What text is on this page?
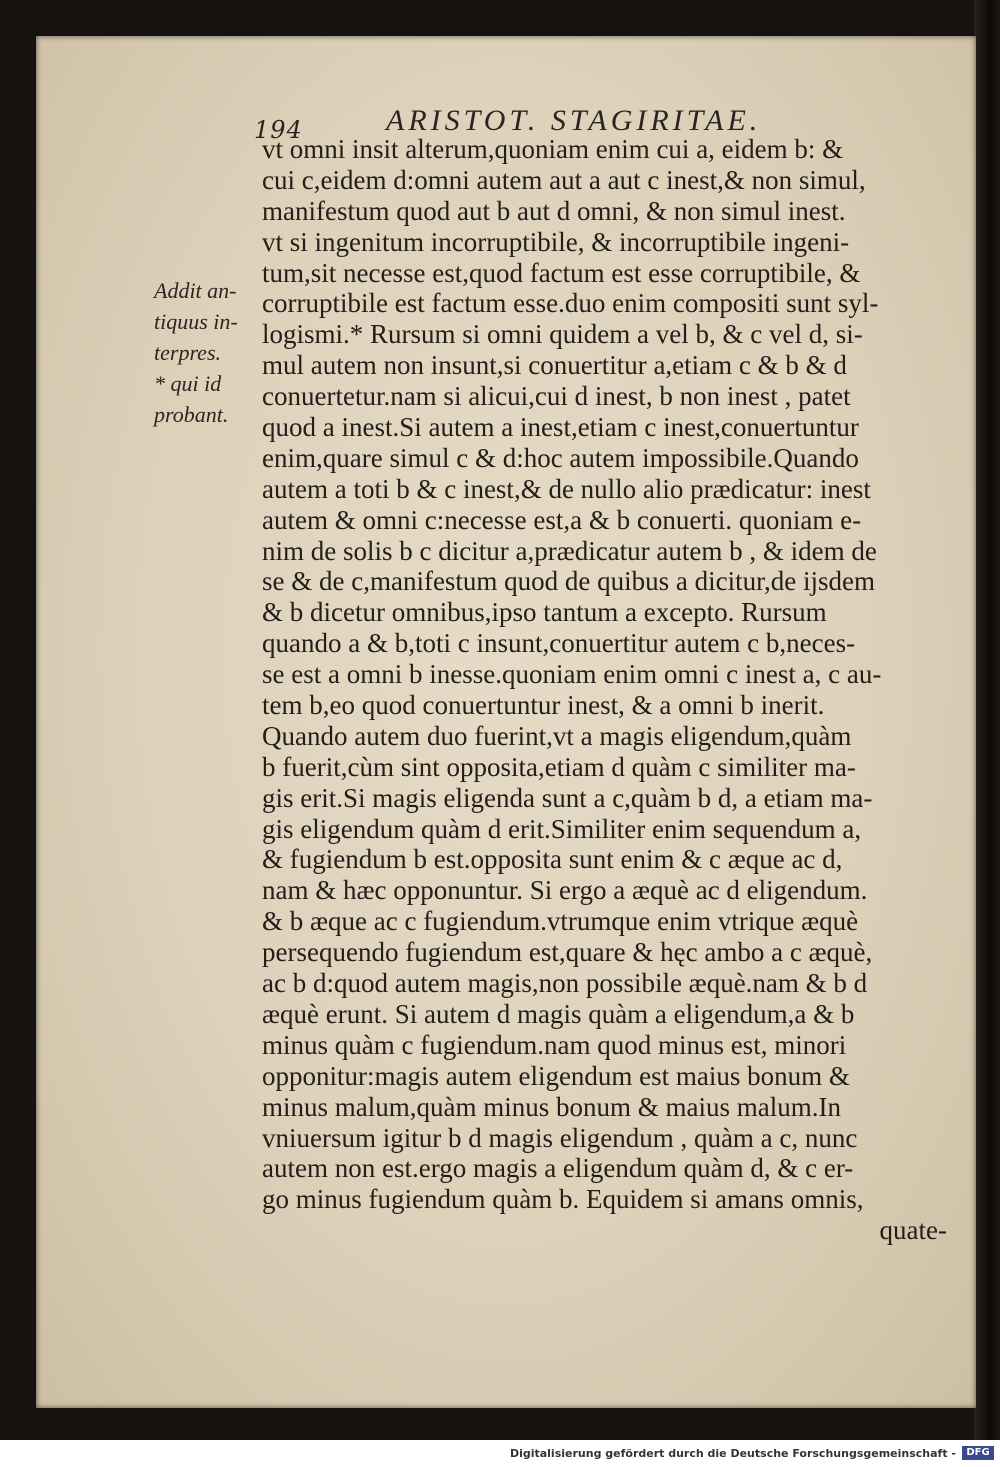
194	ARISTOT. STAGIRITAE.
Addit an-
tiquus in-
terpres.
* qui id
probant.
vt omni insit alterum,quoniam enim cui a, eidem b: &
cui c,eidem d:omni autem aut a aut c inest,& non simul,
manifestum quod aut b aut d omni, & non simul inest.
vt si ingenitum incorruptibile, & incorruptibile ingeni-
tum,sit necesse est,quod factum est esse corruptibile, &
corruptibile est factum esse.duo enim compositi sunt syl-
logismi.* Rursum si omni quidem a vel b, & c vel d, si-
mul autem non insunt,si conuertitur a,etiam c & b & d
conuertetur.nam si alicui,cui d inest, b non inest , patet
quod a inest.Si autem a inest,etiam c inest,conuertuntur
enim,quare simul c & d:hoc autem impossibile.Quando
autem a toti b & c inest,& de nullo alio prædicatur: inest
autem & omni c:necesse est,a & b conuerti. quoniam e-
nim de solis b c dicitur a,prædicatur autem b , & idem de
se & de c,manifestum quod de quibus a dicitur,de ijsdem
& b dicetur omnibus,ipso tantum a excepto. Rursum
quando a & b,toti c insunt,conuertitur autem c b,neces-
se est a omni b inesse.quoniam enim omni c inest a, c au-
tem b,eo quod conuertuntur inest, & a omni b inerit.
Quando autem duo fuerint,vt a magis eligendum,quàm
b fuerit,cùm sint opposita,etiam d quàm c similiter ma-
gis erit.Si magis eligenda sunt a c,quàm b d, a etiam ma-
gis eligendum quàm d erit.Similiter enim sequendum a,
& fugiendum b est.opposita sunt enim & c æque ac d,
nam & hæc opponuntur. Si ergo a æquè ac d eligendum.
& b æque ac c fugiendum.vtrumque enim vtrique æquè
persequendo fugiendum est,quare & hęc ambo a c æquè,
ac b d:quod autem magis,non possibile æquè.nam & b d
æquè erunt. Si autem d magis quàm a eligendum,a & b
minus quàm c fugiendum.nam quod minus est, minori
opponitur:magis autem eligendum est maius bonum &
minus malum,quàm minus bonum & maius malum.In
vniuersum igitur b d magis eligendum , quàm a c, nunc
autem non est.ergo magis a eligendum quàm d, & c er-
go minus fugiendum quàm b. Equidem si amans omnis,
quate-
Digitalisierung gefördert durch die Deutsche Forschungsgemeinschaft -	DFG
